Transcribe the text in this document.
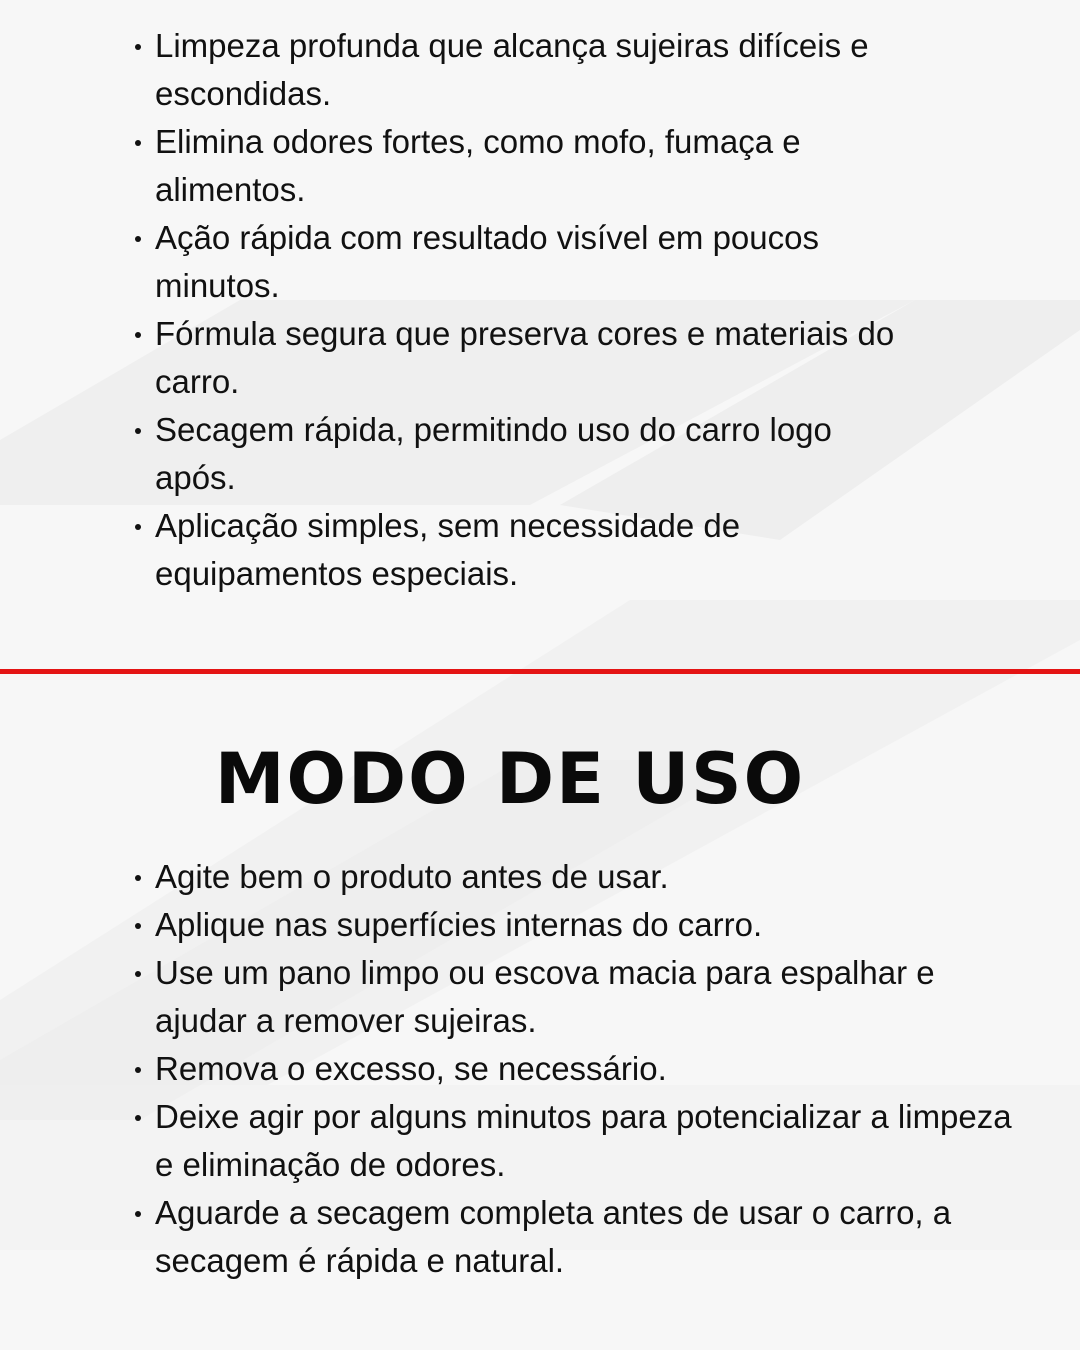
Limpeza profunda que alcança sujeiras difíceis e escondidas.
Elimina odores fortes, como mofo, fumaça e alimentos.
Ação rápida com resultado visível em poucos minutos.
Fórmula segura que preserva cores e materiais do carro.
Secagem rápida, permitindo uso do carro logo após.
Aplicação simples, sem necessidade de equipamentos especiais.
MODO DE USO
Agite bem o produto antes de usar.
Aplique nas superfícies internas do carro.
Use um pano limpo ou escova macia para espalhar e ajudar a remover sujeiras.
Remova o excesso, se necessário.
Deixe agir por alguns minutos para potencializar a limpeza e eliminação de odores.
Aguarde a secagem completa antes de usar o carro, a secagem é rápida e natural.
